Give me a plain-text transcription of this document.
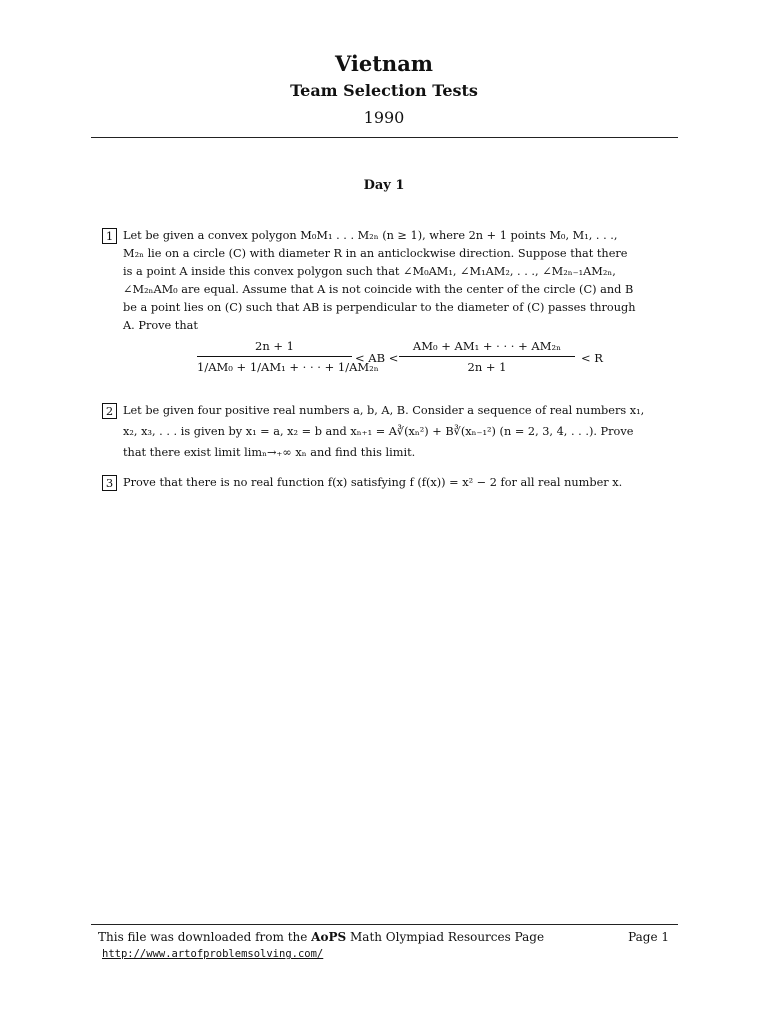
Vietnam
Team Selection Tests
1990
Day 1
1 Let be given a convex polygon M₀M₁ . . . M₂ₙ (n ≥ 1), where 2n + 1 points M₀, M₁, . . .,
M₂ₙ lie on a circle (C) with diameter R in an anticlockwise direction. Suppose that there
is a point A inside this convex polygon such that ∠M₀AM₁, ∠M₁AM₂, . . ., ∠M₂ₙ₋₁AM₂ₙ,
∠M₂ₙAM₀ are equal. Assume that A is not coincide with the center of the circle (C) and B
be a point lies on (C) such that AB is perpendicular to the diameter of (C) passes through
A. Prove that
$\frac{2n + 1}{\text{1/AM₀ + 1/AM₁ + · · · + 1/AM₂ₙ}}$ < AB < $\frac{\text{AM₀ + AM₁ + · · · + AM₂ₙ}}{2n + 1} < R$
2 Let be given four positive real numbers a, b, A, B. Consider a sequence of real numbers x₁,
x₂, x₃, . . . is given by x₁ = a, x₂ = b and xₙ₊₁ = A∛(xₙ²) + B∛(xₙ₋₁²) (n = 2, 3, 4, . . .). Prove
that there exist limit limₙ→₊∞ xₙ and find this limit.
3 Prove that there is no real function f(x) satisfying f (f(x)) = x² − 2 for all real number x.
This file was downloaded from the AoPS Math Olympiad Resources Page	Page 1
http://www.artofproblemsolving.com/
